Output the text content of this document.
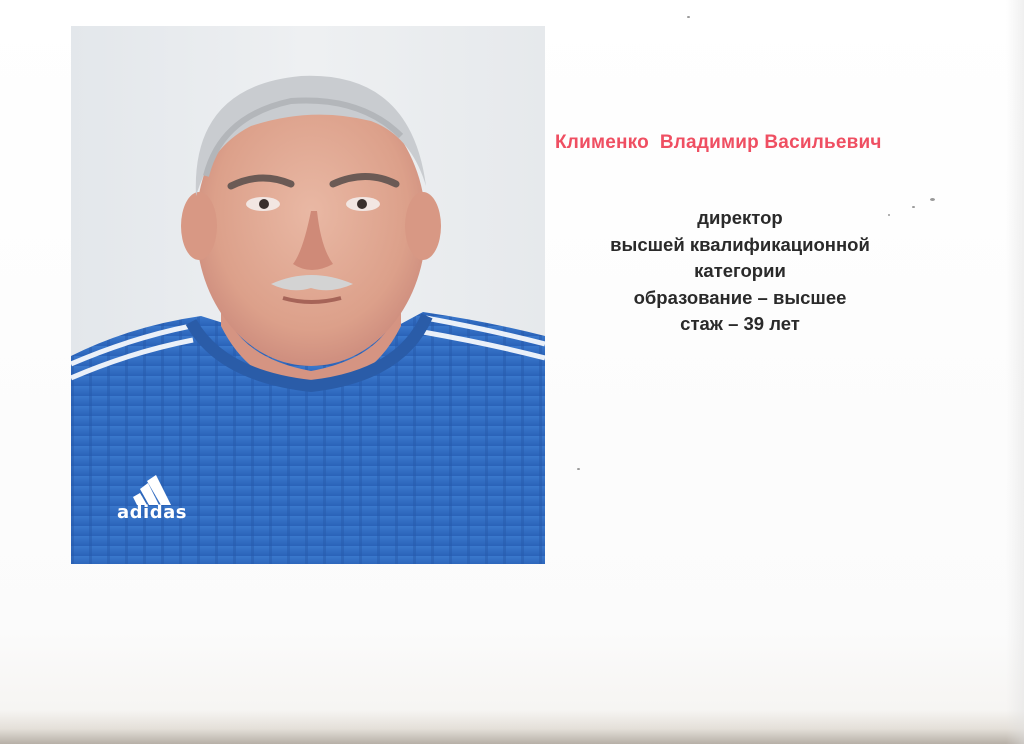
adidas
Клименко  Владимир Васильевич
директор
высшей квалификационной
категории
образование – высшее
стаж – 39 лет
